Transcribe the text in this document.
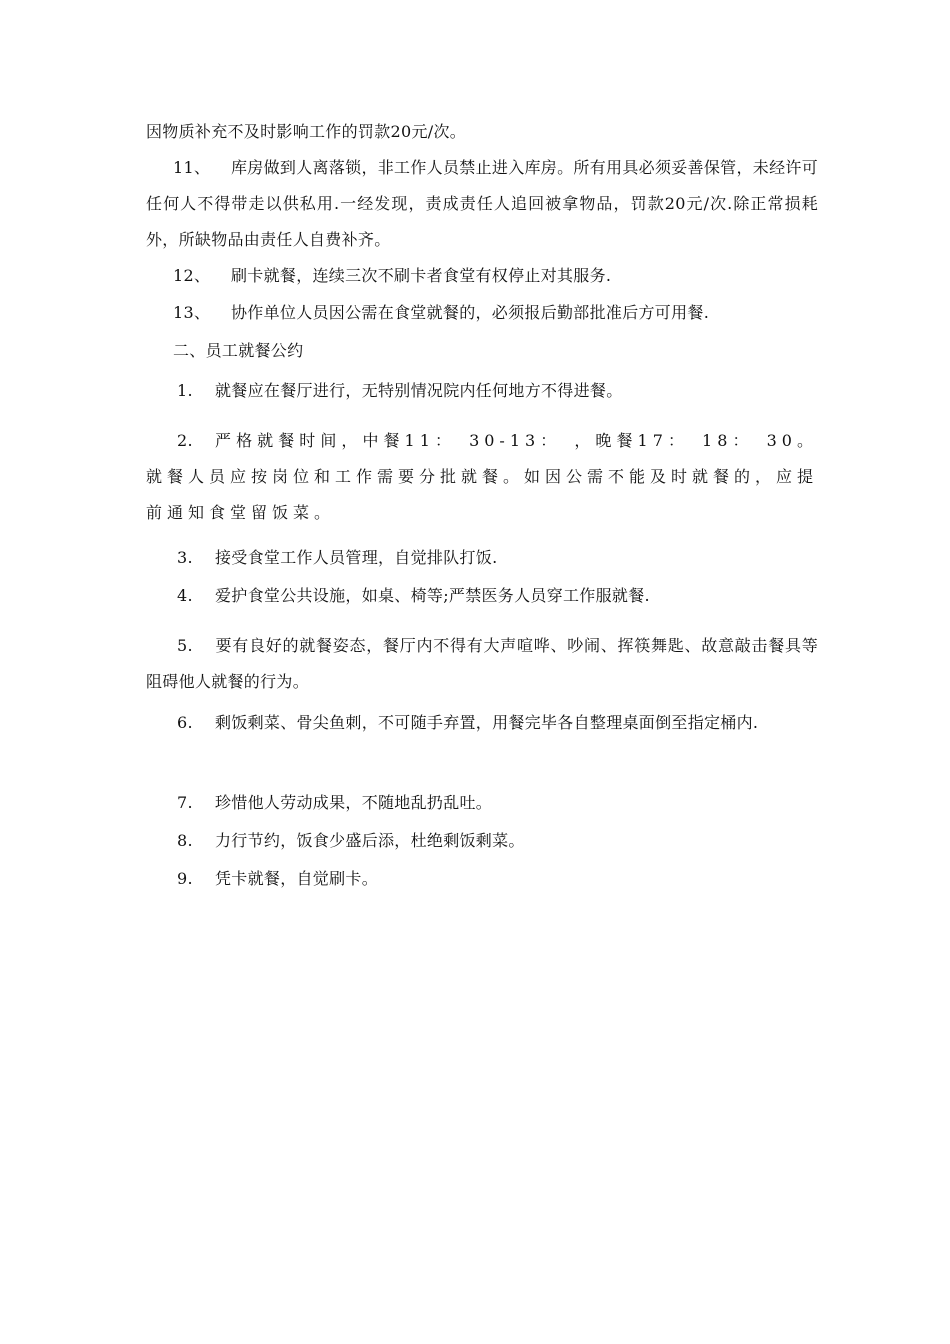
因物质补充不及时影响工作的罚款20元/次。

11、 库房做到人离落锁，非工作人员禁止进入库房。所有用具必须妥善保管，未经许可任何人不得带走以供私用.一经发现，责成责任人追回被拿物品，罚款20元/次.除正常损耗外，所缺物品由责任人自费补齐。

12、 刷卡就餐，连续三次不刷卡者食堂有权停止对其服务.

13、 协作单位人员因公需在食堂就餐的，必须报后勤部批准后方可用餐.

二、员工就餐公约

1. 就餐应在餐厅进行，无特别情况院内任何地方不得进餐。

2. 严格就餐时间，中餐11：　30-13：　，晚餐17：　18：　30。就餐人员应按岗位和工作需要分批就餐。如因公需不能及时就餐的，应提前通知食堂留饭菜。

3. 接受食堂工作人员管理，自觉排队打饭.

4. 爱护食堂公共设施，如桌、椅等;严禁医务人员穿工作服就餐.

5. 要有良好的就餐姿态，餐厅内不得有大声喧哗、吵闹、挥筷舞匙、故意敲击餐具等阻碍他人就餐的行为。

6. 剩饭剩菜、骨尖鱼刺，不可随手弃置，用餐完毕各自整理桌面倒至指定桶内.

7. 珍惜他人劳动成果，不随地乱扔乱吐。

8. 力行节约，饭食少盛后添，杜绝剩饭剩菜。

9. 凭卡就餐，自觉刷卡。
